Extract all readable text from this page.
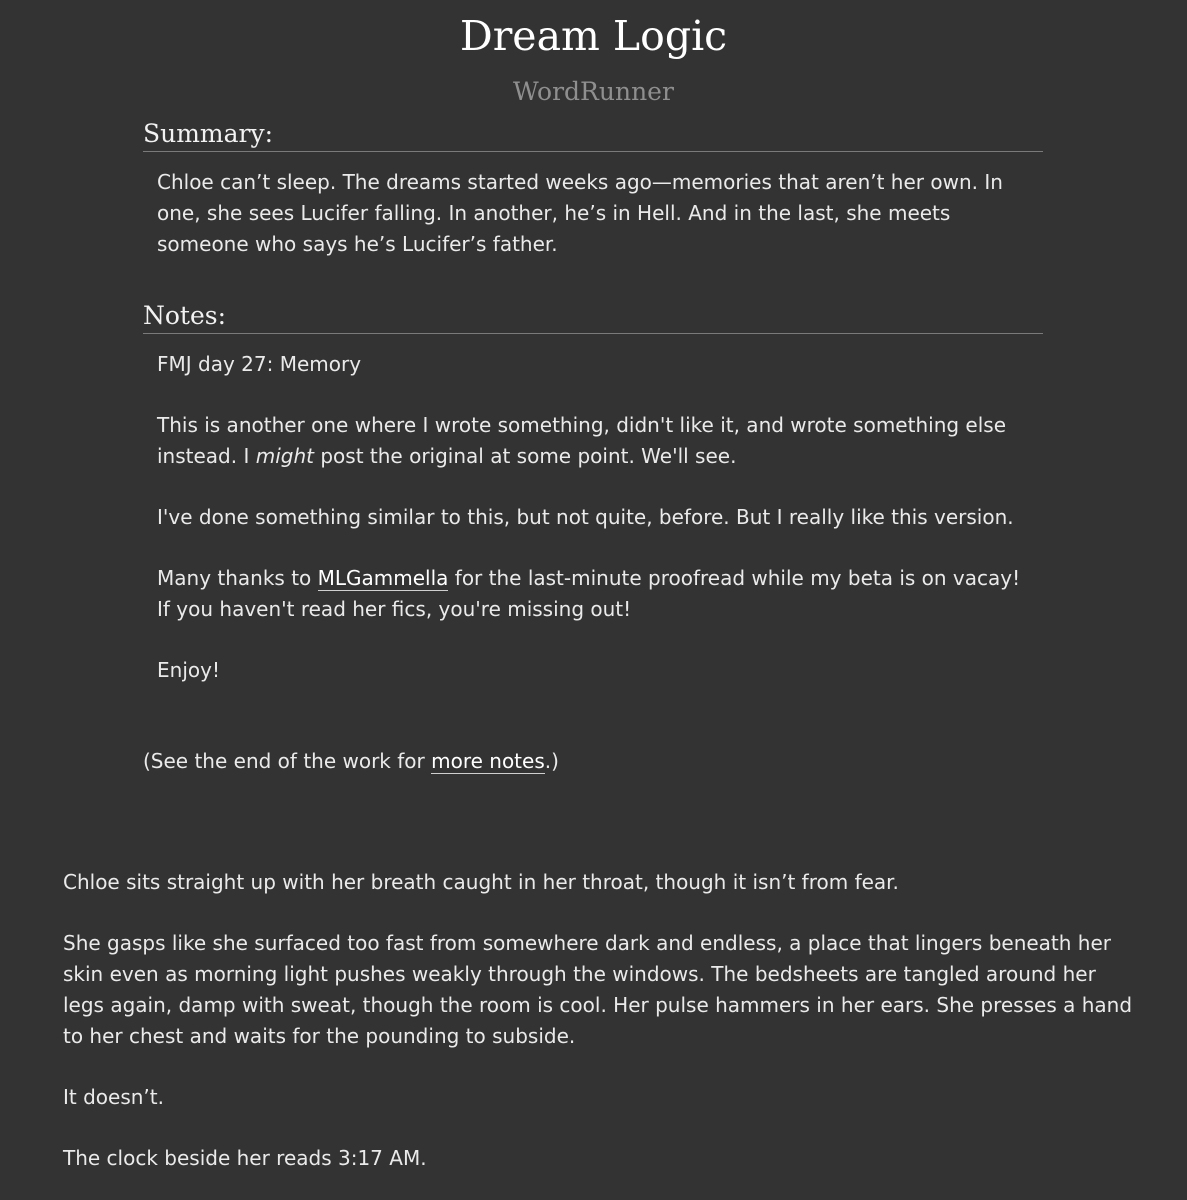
Dream Logic
WordRunner
Summary:

Chloe can’t sleep. The dreams started weeks ago—memories that aren’t her own. In one, she sees Lucifer falling. In another, he’s in Hell. And in the last, she meets someone who says he’s Lucifer’s father.

Notes:

FMJ day 27: Memory

This is another one where I wrote something, didn't like it, and wrote something else instead. I might post the original at some point. We'll see.

I've done something similar to this, but not quite, before. But I really like this version.

Many thanks to MLGammella for the last-minute proofread while my beta is on vacay! If you haven't read her fics, you're missing out!

Enjoy!

(See the end of the work for more notes.)

Chloe sits straight up with her breath caught in her throat, though it isn’t from fear.

She gasps like she surfaced too fast from somewhere dark and endless, a place that lingers beneath her skin even as morning light pushes weakly through the windows. The bedsheets are tangled around her legs again, damp with sweat, though the room is cool. Her pulse hammers in her ears. She presses a hand to her chest and waits for the pounding to subside.

It doesn’t.

The clock beside her reads 3:17 AM.
